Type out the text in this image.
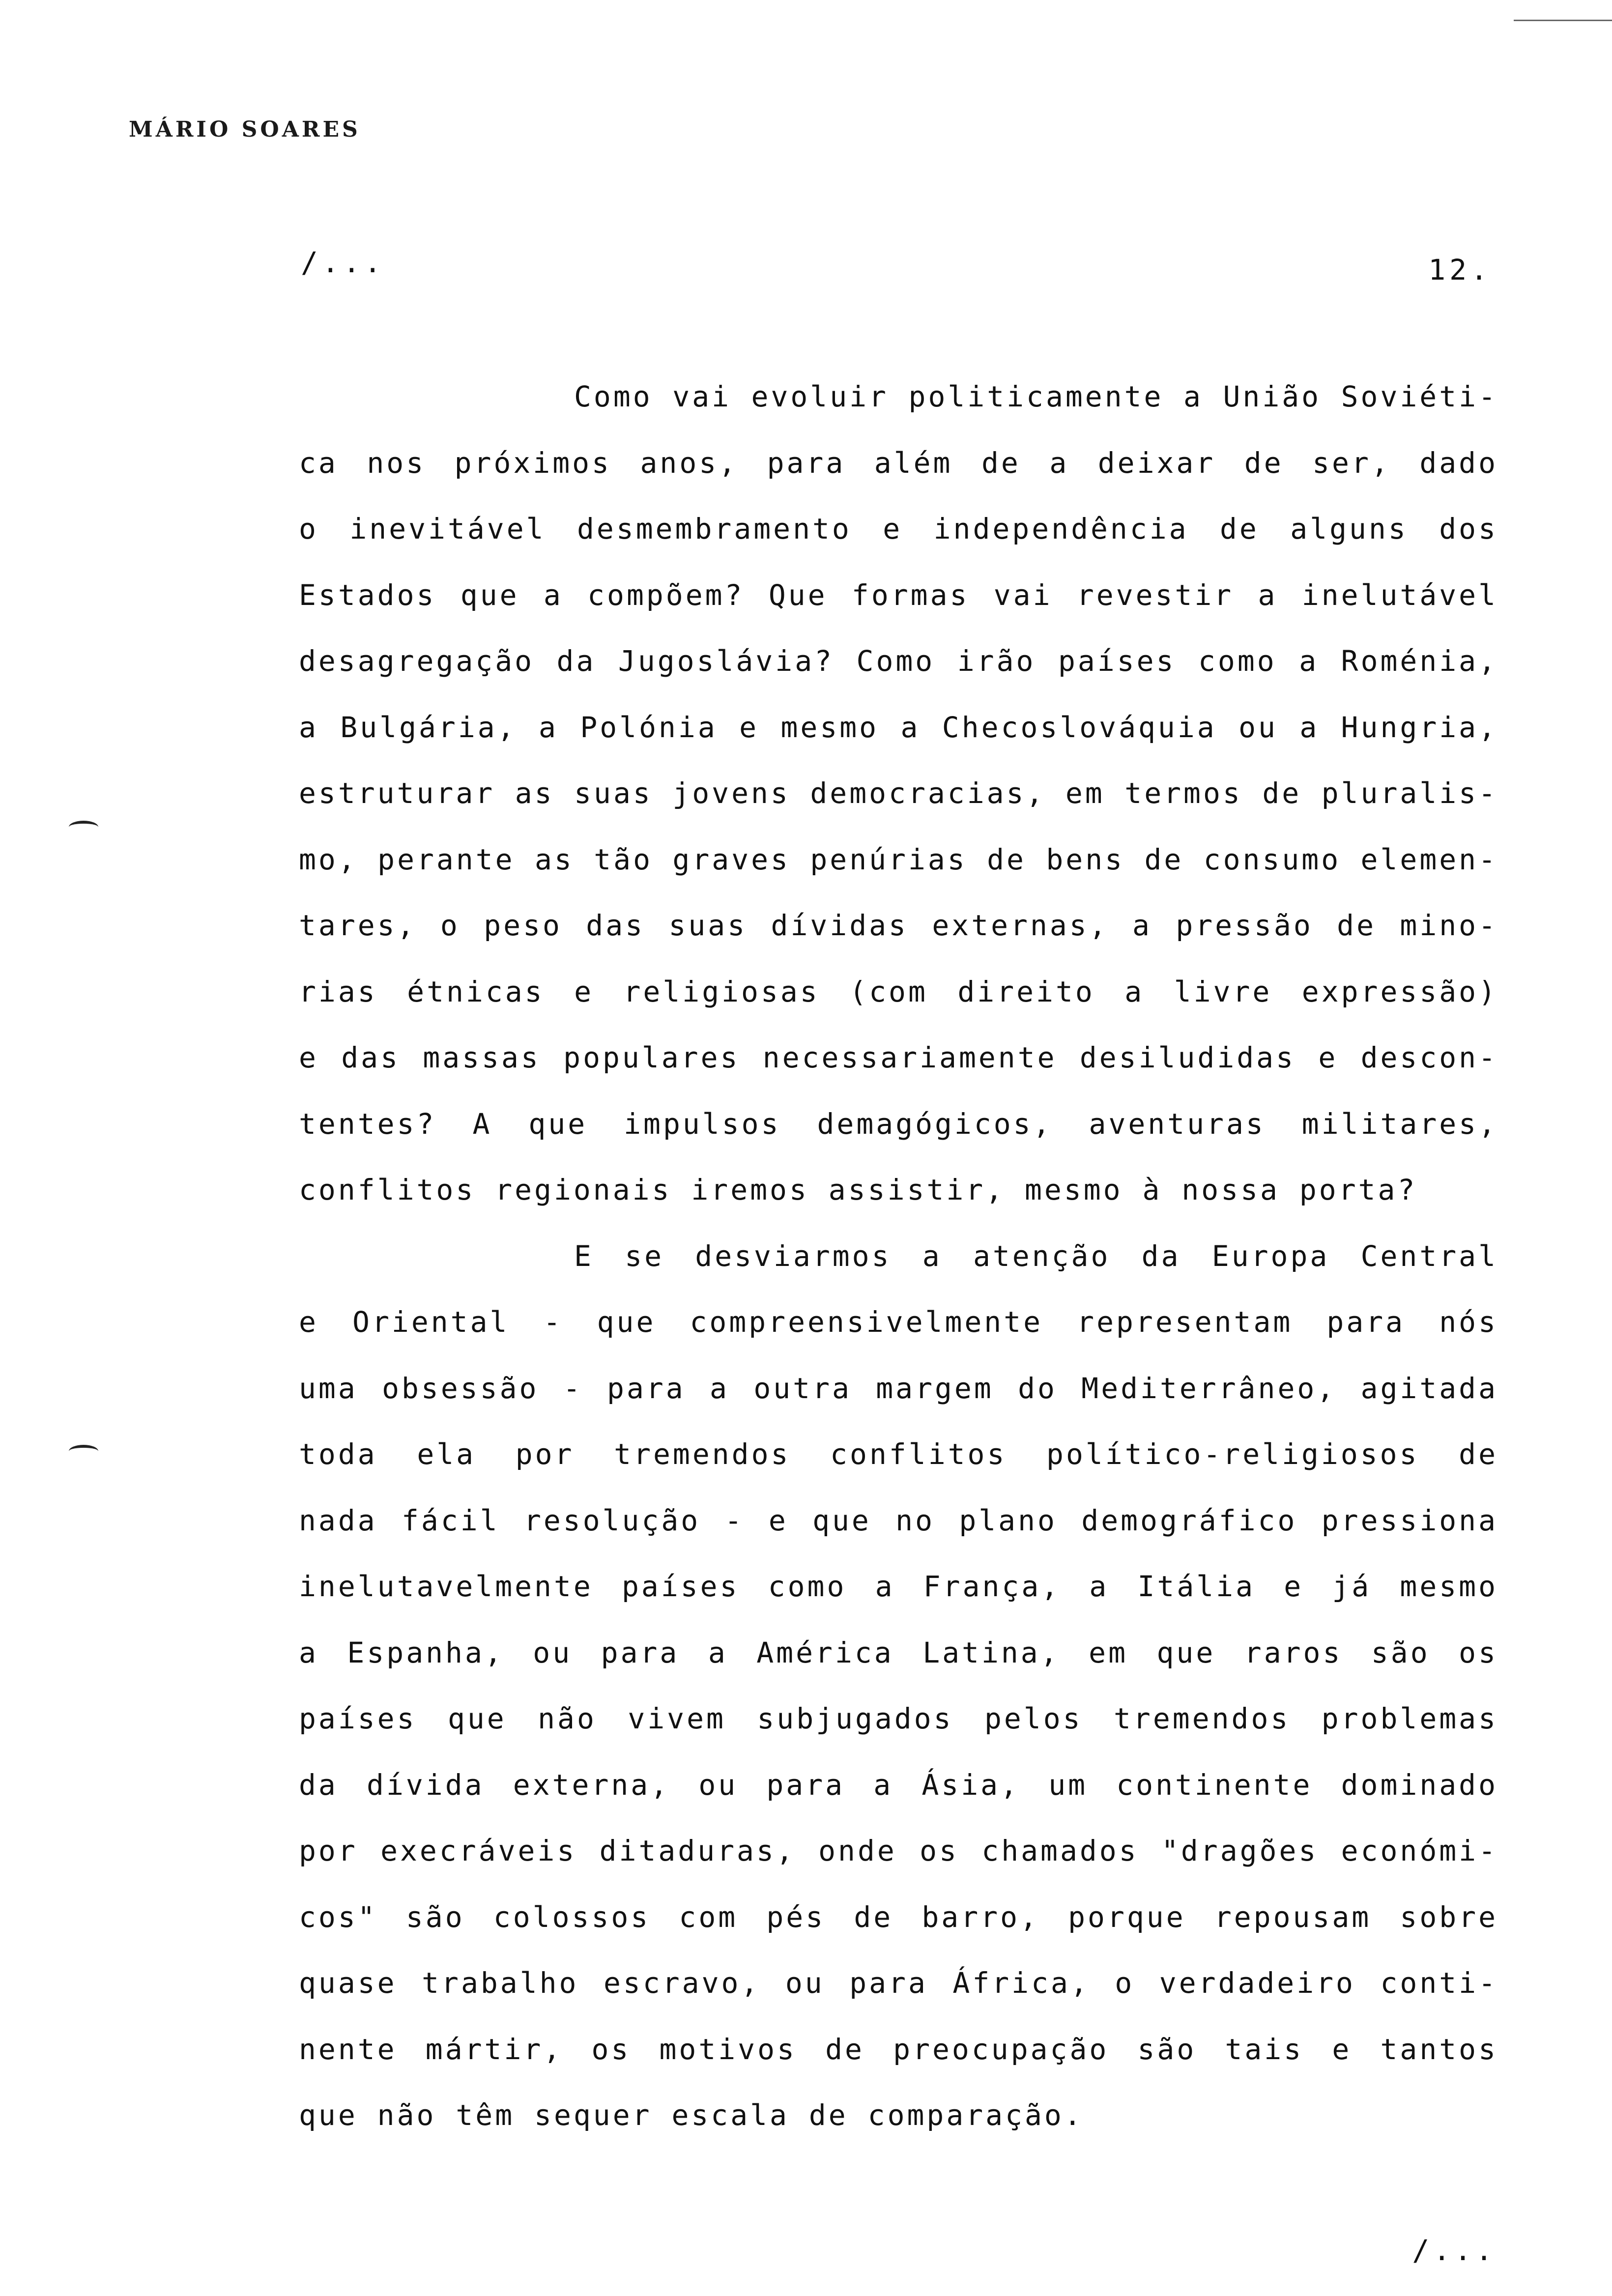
MÁRIO SOARES
/...	12.
Como vai evoluir politicamente a União Soviéti-
ca nos próximos anos, para além de a deixar de ser, dado
o inevitável desmembramento e independência de alguns dos
Estados que a compõem? Que formas vai revestir a inelutável
desagregação da Jugoslávia? Como irão países como a Roménia,
a Bulgária, a Polónia e mesmo a Checoslováquia ou a Hungria,
estruturar as suas jovens democracias, em termos de pluralis-
mo, perante as tão graves penúrias de bens de consumo elemen-
tares, o peso das suas dívidas externas, a pressão de mino-
rias étnicas e religiosas (com direito a livre expressão)
e das massas populares necessariamente desiludidas e descon-
tentes? A que impulsos demagógicos, aventuras militares,
conflitos regionais iremos assistir, mesmo à nossa porta?
E se desviarmos a atenção da Europa Central
e Oriental - que compreensivelmente representam para nós
uma obsessão - para a outra margem do Mediterrâneo, agitada
toda ela por tremendos conflitos político-religiosos de
nada fácil resolução - e que no plano demográfico pressiona
inelutavelmente países como a França, a Itália e já mesmo
a Espanha, ou para a América Latina, em que raros são os
países que não vivem subjugados pelos tremendos problemas
da dívida externa, ou para a Ásia, um continente dominado
por execráveis ditaduras, onde os chamados "dragões económi-
cos" são colossos com pés de barro, porque repousam sobre
quase trabalho escravo, ou para África, o verdadeiro conti-
nente mártir, os motivos de preocupação são tais e tantos
que não têm sequer escala de comparação.
/...
